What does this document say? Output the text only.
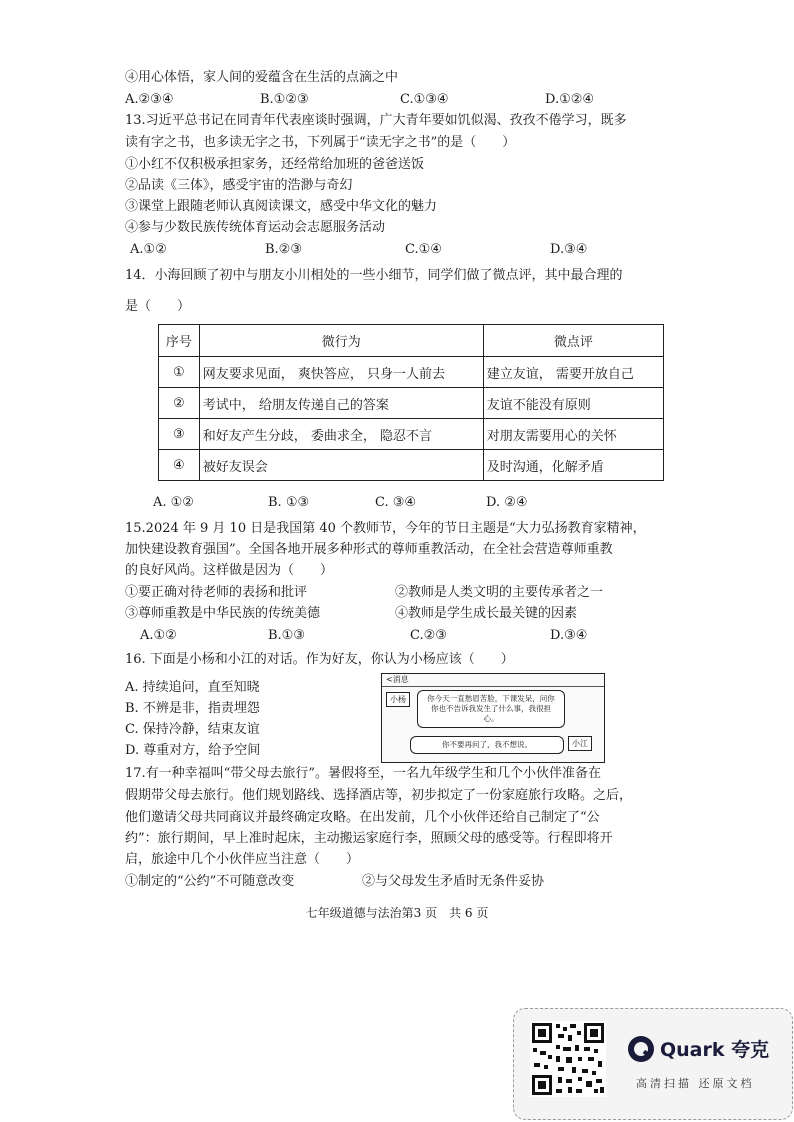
④用心体悟，家人间的爱蕴含在生活的点滴之中
A.②③④	B.①②③	C.①③④	D.①②④
13.习近平总书记在同青年代表座谈时强调，广大青年要如饥似渴、孜孜不倦学习，既多
读有字之书，也多读无字之书，下列属于“读无字之书”的是（　　）
①小红不仅积极承担家务，还经常给加班的爸爸送饭
②品读《三体》，感受宇宙的浩渺与奇幻
③课堂上跟随老师认真阅读课文，感受中华文化的魅力
④参与少数民族传统体育运动会志愿服务活动
A.①②	B.②③	C.①④	D.③④
14．小海回顾了初中与朋友小川相处的一些小细节，同学们做了微点评，其中最合理的
是（　　）
序号	微行为	微点评
①	网友要求见面， 爽快答应， 只身一人前去	建立友谊， 需要开放自己
②	考试中， 给朋友传递自己的答案	友谊不能没有原则
③	和好友产生分歧， 委曲求全， 隐忍不言	对朋友需要用心的关怀
④	被好友误会	及时沟通，化解矛盾
A. ①②	B. ①③	C. ③④	D. ②④
15.2024 年 9 月 10 日是我国第 40 个教师节，今年的节日主题是“大力弘扬教育家精神，
加快建设教育强国”。全国各地开展多种形式的尊师重教活动，在全社会营造尊师重教
的良好风尚。这样做是因为（　　）
①要正确对待老师的表扬和批评	②教师是人类文明的主要传承者之一
③尊师重教是中华民族的传统美德	④教师是学生成长最关键的因素
A.①②	B.①③	C.②③	D.③④
16. 下面是小杨和小江的对话。作为好友，你认为小杨应该（　　）
A. 持续追问，直至知晓
B. 不辨是非，指责埋怨
C. 保持冷静，结束友谊
D. 尊重对方，给予空间
<消息
小杨	你今天一直愁眉苦脸，下课发呆，问你你也不告诉我发生了什么事，我很担心。
你不要再问了，我不想说。	小江
17.有一种幸福叫“带父母去旅行”。暑假将至，一名九年级学生和几个小伙伴准备在
假期带父母去旅行。他们规划路线、选择酒店等，初步拟定了一份家庭旅行攻略。之后，
他们邀请父母共同商议并最终确定攻略。在出发前，几个小伙伴还给自己制定了“公
约”：旅行期间，早上准时起床，主动搬运家庭行李，照顾父母的感受等。行程即将开
启，旅途中几个小伙伴应当注意（　　）
①制定的“公约”不可随意改变	②与父母发生矛盾时无条件妥协
七年级道德与法治第3 页　共 6 页
Quark 夸克
高清扫描 还原文档
